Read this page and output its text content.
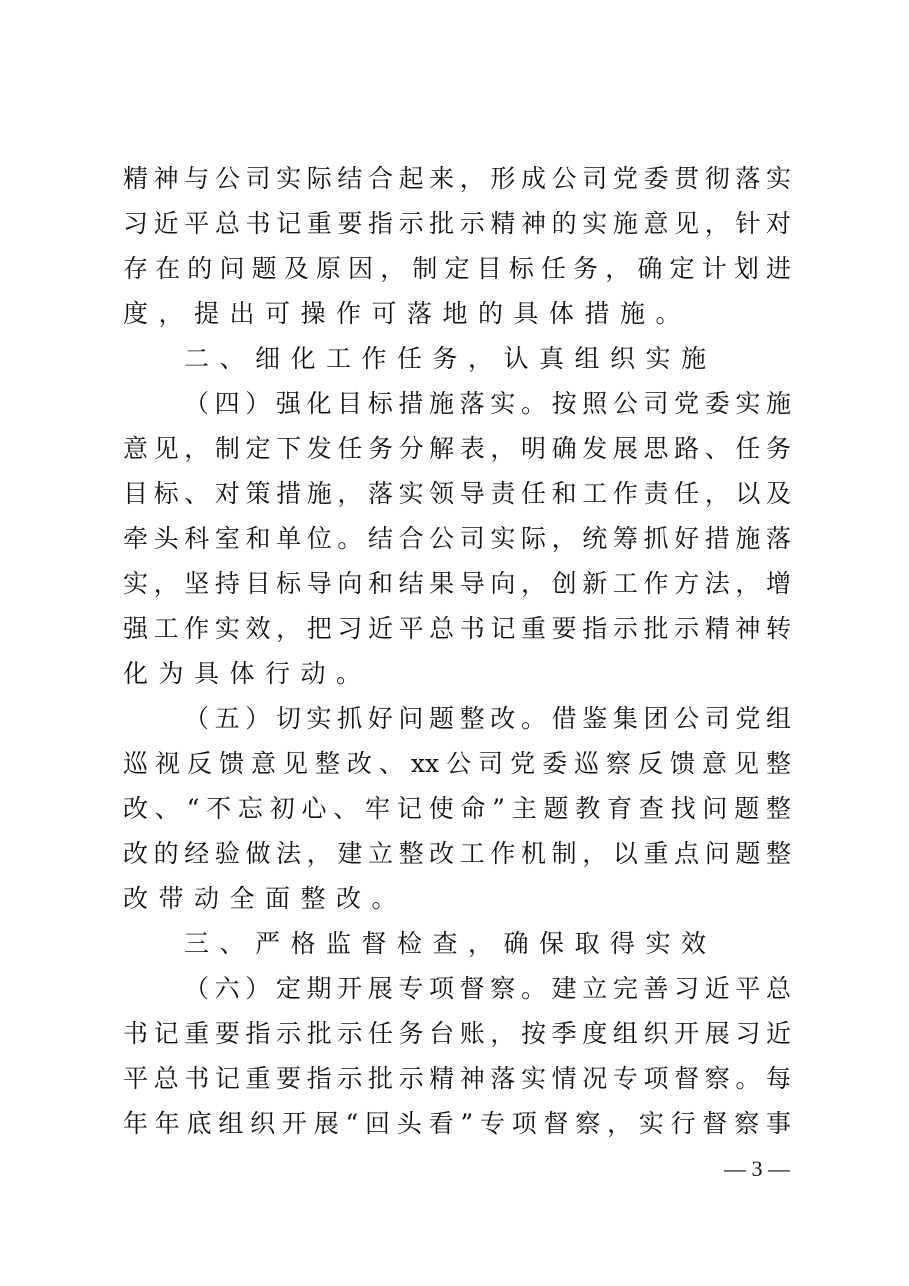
精神与公司实际结合起来，形成公司党委贯彻落实
习近平总书记重要指示批示精神的实施意见，针对
存在的问题及原因，制定目标任务，确定计划进
度，提出可操作可落地的具体措施。
二、细化工作任务，认真组织实施
（四）强化目标措施落实。按照公司党委实施
意见，制定下发任务分解表，明确发展思路、任务
目标、对策措施，落实领导责任和工作责任，以及
牵头科室和单位。结合公司实际，统筹抓好措施落
实，坚持目标导向和结果导向，创新工作方法，增
强工作实效，把习近平总书记重要指示批示精神转
化为具体行动。
（五）切实抓好问题整改。借鉴集团公司党组
巡视反馈意见整改、xx公司党委巡察反馈意见整
改、“不忘初心、牢记使命”主题教育查找问题整
改的经验做法，建立整改工作机制，以重点问题整
改带动全面整改。
三、严格监督检查，确保取得实效
（六）定期开展专项督察。建立完善习近平总
书记重要指示批示任务台账，按季度组织开展习近
平总书记重要指示批示精神落实情况专项督察。每
年年底组织开展“回头看”专项督察，实行督察事
— 3 —
